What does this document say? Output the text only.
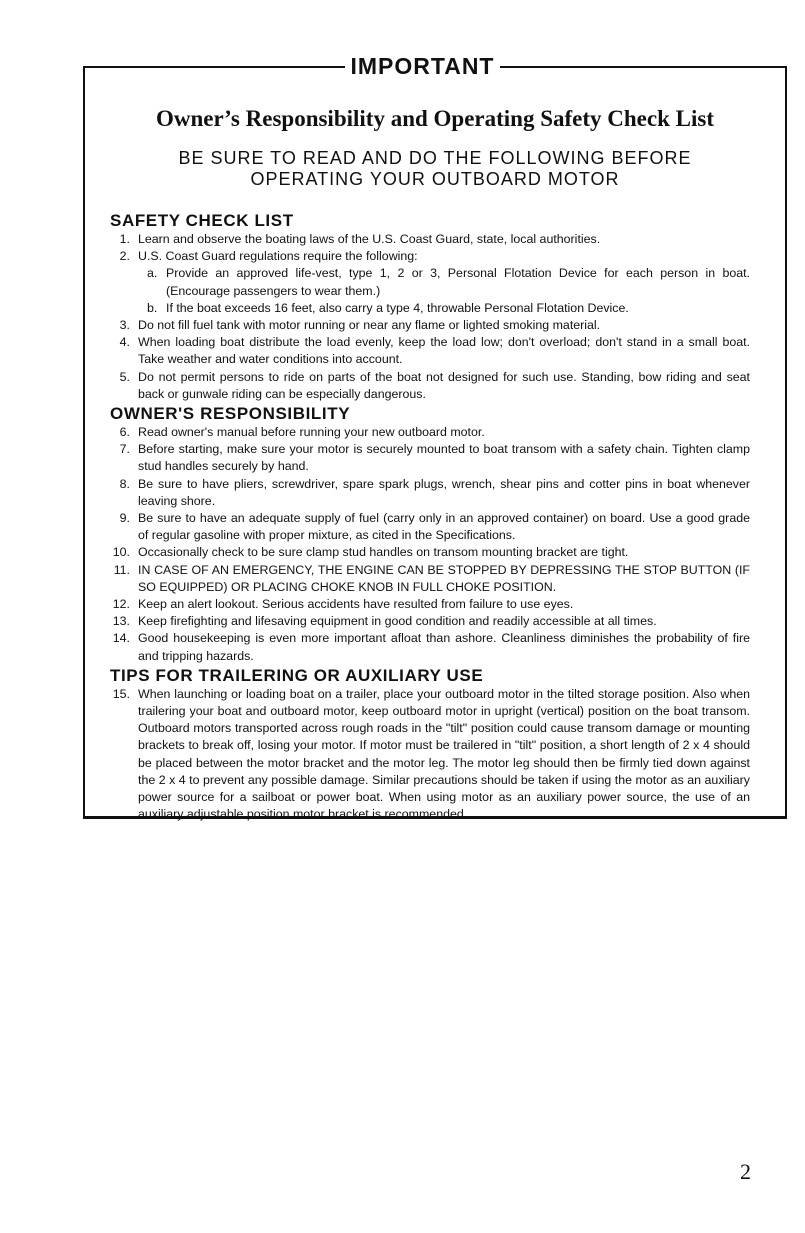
IMPORTANT
Owner’s Responsibility and Operating Safety Check List
BE SURE TO READ AND DO THE FOLLOWING BEFORE
OPERATING YOUR OUTBOARD MOTOR
SAFETY CHECK LIST
1. Learn and observe the boating laws of the U.S. Coast Guard, state, local authorities.
2. U.S. Coast Guard regulations require the following:
a. Provide an approved life-vest, type 1, 2 or 3, Personal Flotation Device for each person in boat. (Encourage passengers to wear them.)
b. If the boat exceeds 16 feet, also carry a type 4, throwable Personal Flotation Device.
3. Do not fill fuel tank with motor running or near any flame or lighted smoking material.
4. When loading boat distribute the load evenly, keep the load low; don't overload; don't stand in a small boat. Take weather and water conditions into account.
5. Do not permit persons to ride on parts of the boat not designed for such use. Standing, bow riding and seat back or gunwale riding can be especially dangerous.
OWNER'S RESPONSIBILITY
6. Read owner's manual before running your new outboard motor.
7. Before starting, make sure your motor is securely mounted to boat transom with a safety chain. Tighten clamp stud handles securely by hand.
8. Be sure to have pliers, screwdriver, spare spark plugs, wrench, shear pins and cotter pins in boat whenever leaving shore.
9. Be sure to have an adequate supply of fuel (carry only in an approved container) on board. Use a good grade of regular gasoline with proper mixture, as cited in the Specifications.
10. Occasionally check to be sure clamp stud handles on transom mounting bracket are tight.
11. IN CASE OF AN EMERGENCY, THE ENGINE CAN BE STOPPED BY DEPRESSING THE STOP BUTTON (IF SO EQUIPPED) OR PLACING CHOKE KNOB IN FULL CHOKE POSITION.
12. Keep an alert lookout. Serious accidents have resulted from failure to use eyes.
13. Keep firefighting and lifesaving equipment in good condition and readily accessible at all times.
14. Good housekeeping is even more important afloat than ashore. Cleanliness diminishes the probability of fire and tripping hazards.
TIPS FOR TRAILERING OR AUXILIARY USE
15. When launching or loading boat on a trailer, place your outboard motor in the tilted storage position. Also when trailering your boat and outboard motor, keep outboard motor in upright (vertical) position on the boat transom. Outboard motors transported across rough roads in the "tilt" position could cause transom damage or mounting brackets to break off, losing your motor. If motor must be trailered in "tilt" position, a short length of 2 x 4 should be placed between the motor bracket and the motor leg. The motor leg should then be firmly tied down against the 2 x 4 to prevent any possible damage. Similar precautions should be taken if using the motor as an auxiliary power source for a sailboat or power boat. When using motor as an auxiliary power source, the use of an auxiliary adjustable position motor bracket is recommended.
2
